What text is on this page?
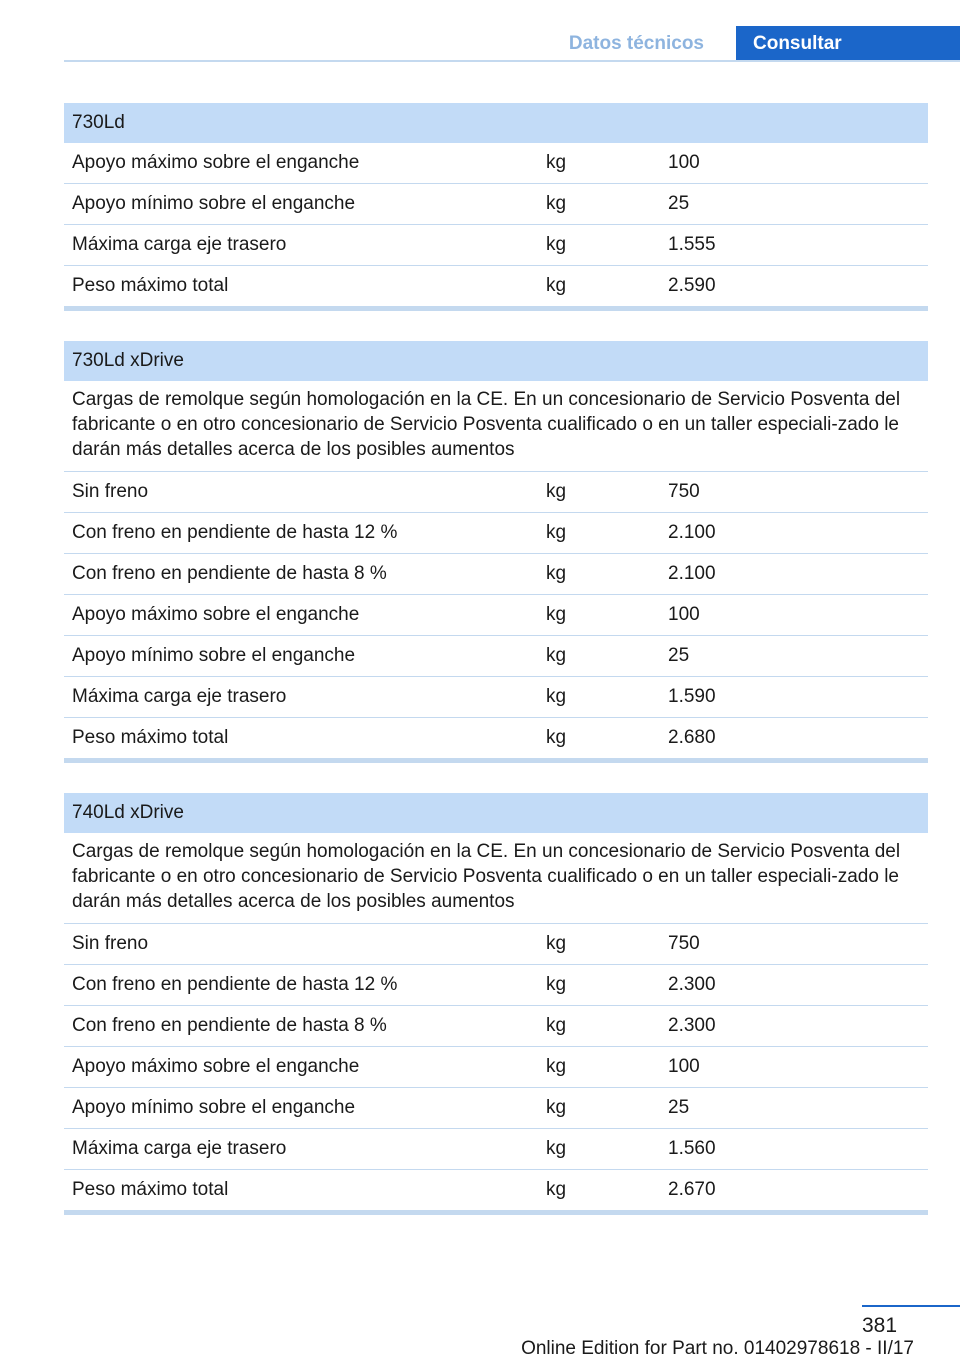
Datos técnicos	Consultar
730Ld
Apoyo máximo sobre el enganche	kg	100
Apoyo mínimo sobre el enganche	kg	25
Máxima carga eje trasero	kg	1.555
Peso máximo total	kg	2.590
730Ld xDrive
Cargas de remolque según homologación en la CE. En un concesionario de Servicio Posventa del fabricante o en otro concesionario de Servicio Posventa cualificado o en un taller especiali-zado le darán más detalles acerca de los posibles aumentos
Sin freno	kg	750
Con freno en pendiente de hasta 12 %	kg	2.100
Con freno en pendiente de hasta 8 %	kg	2.100
Apoyo máximo sobre el enganche	kg	100
Apoyo mínimo sobre el enganche	kg	25
Máxima carga eje trasero	kg	1.590
Peso máximo total	kg	2.680
740Ld xDrive
Cargas de remolque según homologación en la CE. En un concesionario de Servicio Posventa del fabricante o en otro concesionario de Servicio Posventa cualificado o en un taller especiali-zado le darán más detalles acerca de los posibles aumentos
Sin freno	kg	750
Con freno en pendiente de hasta 12 %	kg	2.300
Con freno en pendiente de hasta 8 %	kg	2.300
Apoyo máximo sobre el enganche	kg	100
Apoyo mínimo sobre el enganche	kg	25
Máxima carga eje trasero	kg	1.560
Peso máximo total	kg	2.670
381
Online Edition for Part no. 01402978618 - II/17
